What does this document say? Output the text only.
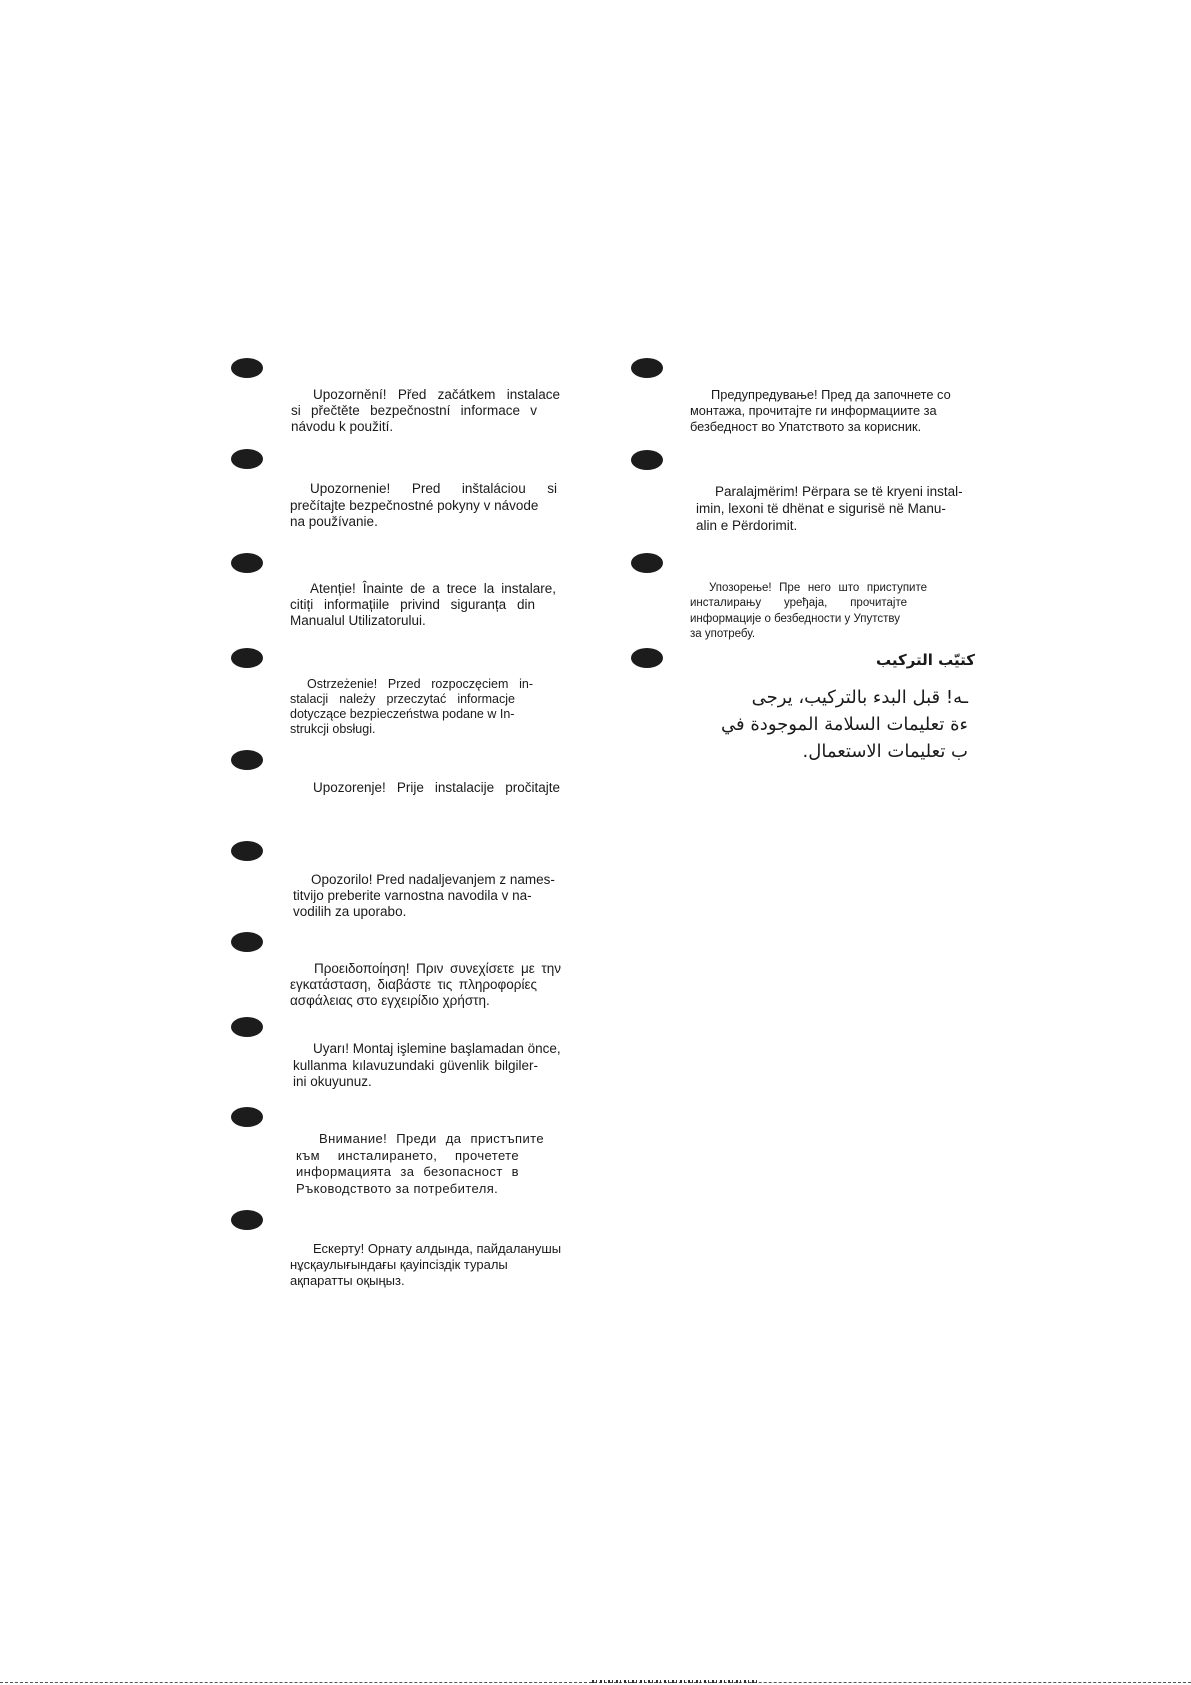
Upozornění! Před začátkem instalace
si přečtěte bezpečnostní informace v
návodu k použití.
Upozornenie! Pred inštaláciou si
prečítajte bezpečnostné pokyny v návode
na používanie.
Atenție! Înainte de a trece la instalare,
citiți informațiile privind siguranța din
Manualul Utilizatorului.
Ostrzeżenie! Przed rozpoczęciem in-
stalacji należy przeczytać informacje
dotyczące bezpieczeństwa podane w In-
strukcji obsługi.
Upozorenje! Prije instalacije pročitajte
Opozorilo! Pred nadaljevanjem z names-
titvijo preberite varnostna navodila v na-
vodilih za uporabo.
Προειδοποίηση! Πριν συνεχίσετε με την
εγκατάσταση, διαβάστε τις πληροφορίες
ασφάλειας στο εγχειρίδιο χρήστη.
Uyarı! Montaj işlemine başlamadan önce,
kullanma kılavuzundaki güvenlik bilgiler-
ini okuyunuz.
Внимание! Преди да пристъпите
към инсталирането, прочетете
информацията за безопасност в
Ръководството за потребителя.
Ескерту! Орнату алдында, пайдаланушы
нұсқаулығындағы қауіпсіздік туралы
ақпаратты оқыңыз.
Предупредување! Пред да започнете со
монтажа, прочитајте ги информациите за
безбедност во Упатството за корисник.
Paralajmërim! Përpara se të kryeni instal-
imin, lexoni të dhënat e sigurisë në Manu-
alin e Përdorimit.
Упозорење! Пре него што приступите
инсталирању уређаја, прочитајте
информације о безбедности у Упутству
за употребу.
كتيّب التركيب
ـه! قبل البدء بالتركيب، يرجى
ءة تعليمات السلامة الموجودة في
ب تعليمات الاستعمال.
